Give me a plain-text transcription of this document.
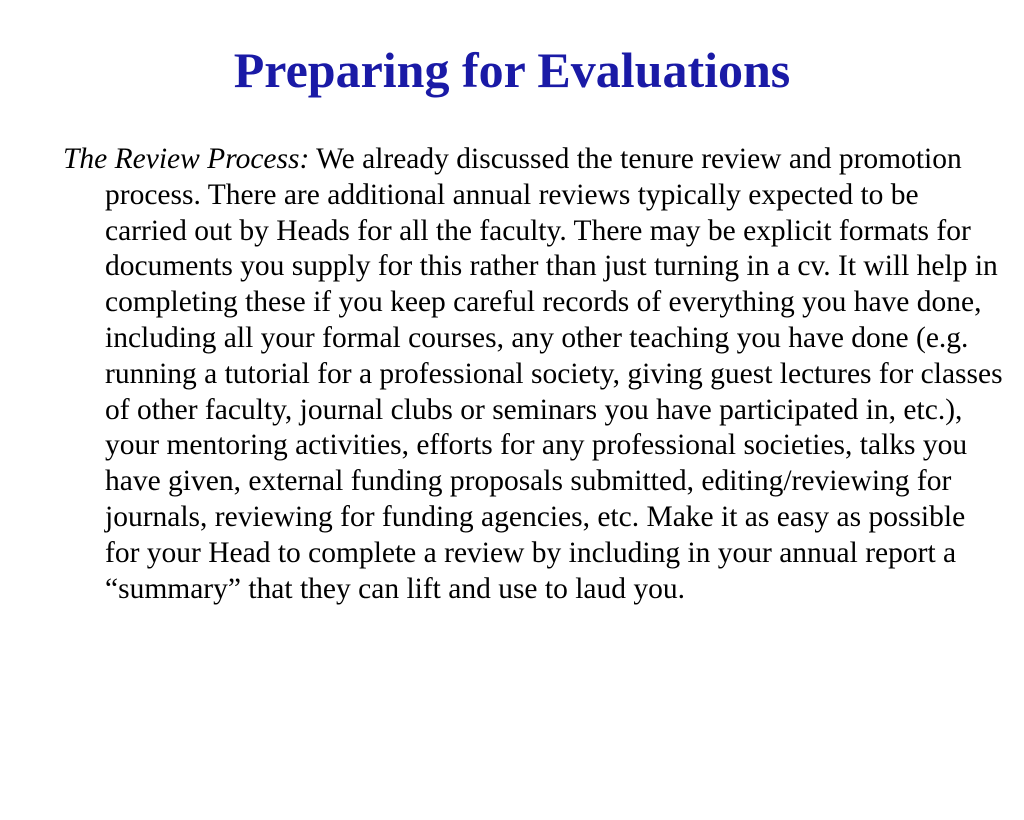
Preparing for Evaluations

The Review Process: We already discussed the tenure review and promotion process. There are additional annual reviews typically expected to be carried out by Heads for all the faculty. There may be explicit formats for documents you supply for this rather than just turning in a cv. It will help in completing these if you keep careful records of everything you have done, including all your formal courses, any other teaching you have done (e.g. running a tutorial for a professional society, giving guest lectures for classes of other faculty, journal clubs or seminars you have participated in, etc.), your mentoring activities, efforts for any professional societies, talks you have given, external funding proposals submitted, editing/reviewing for journals, reviewing for funding agencies, etc. Make it as easy as possible for your Head to complete a review by including in your annual report a “summary” that they can lift and use to laud you.
